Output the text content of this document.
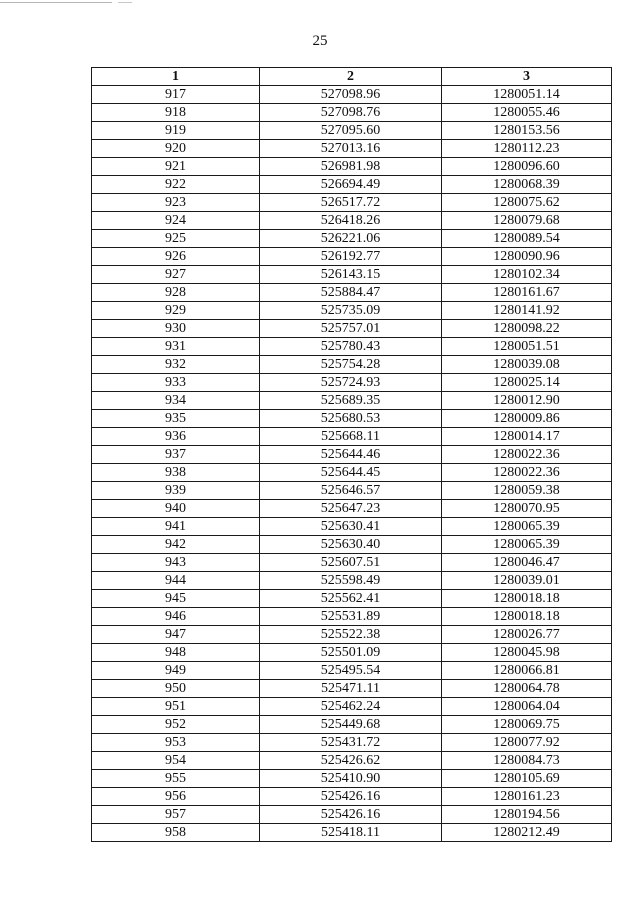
25
1	2	3
917	527098.96	1280051.14
918	527098.76	1280055.46
919	527095.60	1280153.56
920	527013.16	1280112.23
921	526981.98	1280096.60
922	526694.49	1280068.39
923	526517.72	1280075.62
924	526418.26	1280079.68
925	526221.06	1280089.54
926	526192.77	1280090.96
927	526143.15	1280102.34
928	525884.47	1280161.67
929	525735.09	1280141.92
930	525757.01	1280098.22
931	525780.43	1280051.51
932	525754.28	1280039.08
933	525724.93	1280025.14
934	525689.35	1280012.90
935	525680.53	1280009.86
936	525668.11	1280014.17
937	525644.46	1280022.36
938	525644.45	1280022.36
939	525646.57	1280059.38
940	525647.23	1280070.95
941	525630.41	1280065.39
942	525630.40	1280065.39
943	525607.51	1280046.47
944	525598.49	1280039.01
945	525562.41	1280018.18
946	525531.89	1280018.18
947	525522.38	1280026.77
948	525501.09	1280045.98
949	525495.54	1280066.81
950	525471.11	1280064.78
951	525462.24	1280064.04
952	525449.68	1280069.75
953	525431.72	1280077.92
954	525426.62	1280084.73
955	525410.90	1280105.69
956	525426.16	1280161.23
957	525426.16	1280194.56
958	525418.11	1280212.49
